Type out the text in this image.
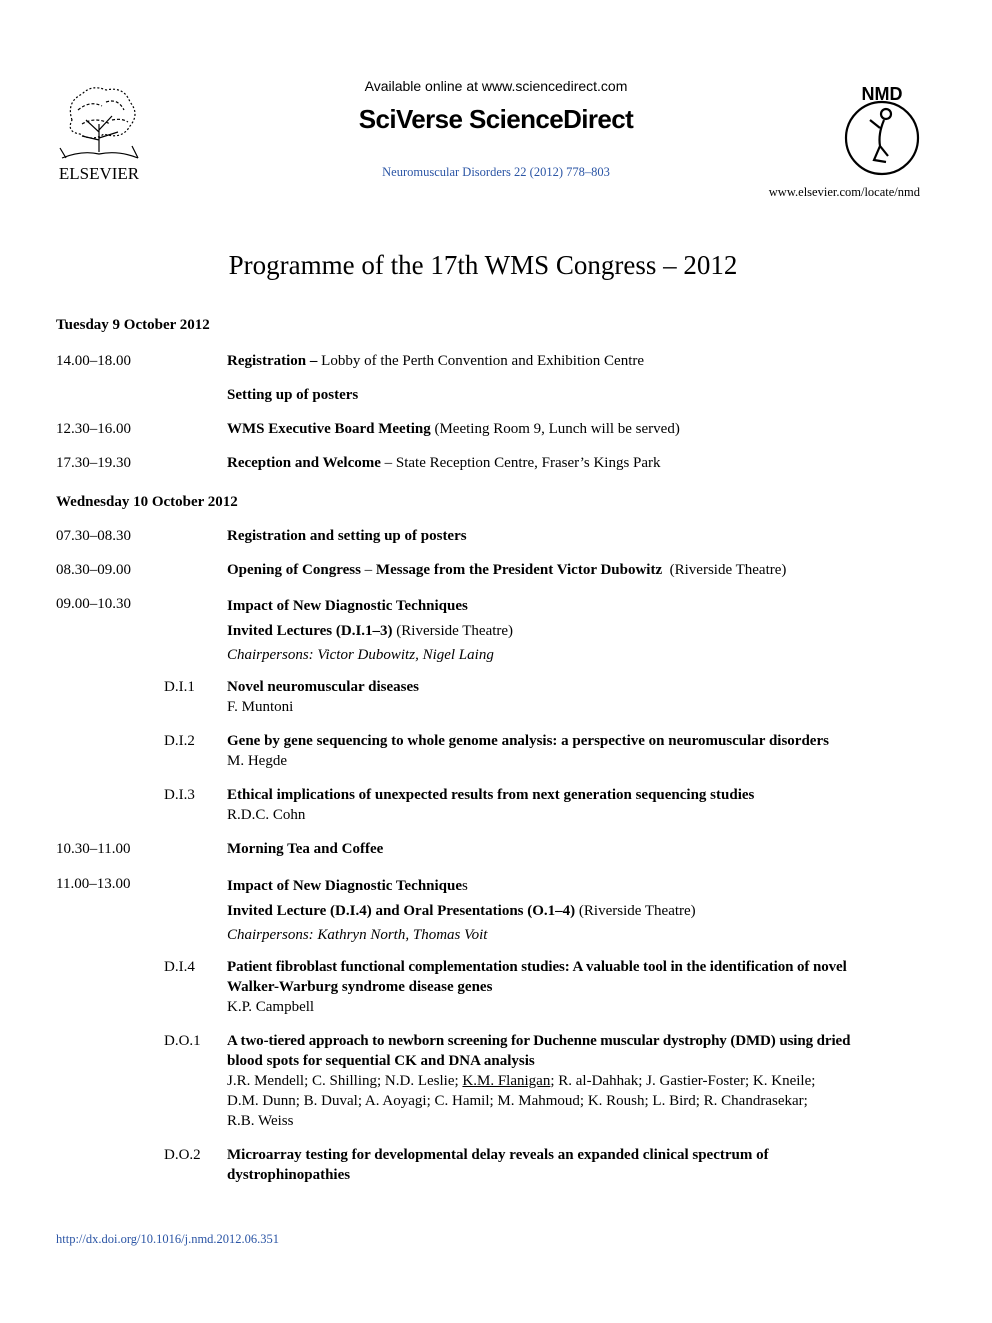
ELSEVIER
Available online at www.sciencedirect.com
SciVerse ScienceDirect
Neuromuscular Disorders 22 (2012) 778–803
NMD
www.elsevier.com/locate/nmd
Programme of the 17th WMS Congress – 2012
Tuesday 9 October 2012
14.00–18.00	Registration – Lobby of the Perth Convention and Exhibition Centre
Setting up of posters
12.30–16.00	WMS Executive Board Meeting (Meeting Room 9, Lunch will be served)
17.30–19.30	Reception and Welcome – State Reception Centre, Fraser’s Kings Park
Wednesday 10 October 2012
07.30–08.30	Registration and setting up of posters
08.30–09.00	Opening of Congress – Message from the President Victor Dubowitz  (Riverside Theatre)
09.00–10.30	Impact of New Diagnostic Techniques
Invited Lectures (D.I.1–3) (Riverside Theatre)
Chairpersons: Victor Dubowitz, Nigel Laing
D.I.1 Novel neuromuscular diseases
F. Muntoni
D.I.2 Gene by gene sequencing to whole genome analysis: a perspective on neuromuscular disorders
M. Hegde
D.I.3 Ethical implications of unexpected results from next generation sequencing studies
R.D.C. Cohn
10.30–11.00	Morning Tea and Coffee
11.00–13.00	Impact of New Diagnostic Techniques
Invited Lecture (D.I.4) and Oral Presentations (O.1–4) (Riverside Theatre)
Chairpersons: Kathryn North, Thomas Voit
D.I.4 Patient fibroblast functional complementation studies: A valuable tool in the identification of novel
Walker-Warburg syndrome disease genes
K.P. Campbell
D.O.1 A two-tiered approach to newborn screening for Duchenne muscular dystrophy (DMD) using dried
blood spots for sequential CK and DNA analysis
J.R. Mendell; C. Shilling; N.D. Leslie; K.M. Flanigan; R. al-Dahhak; J. Gastier-Foster; K. Kneile;
D.M. Dunn; B. Duval; A. Aoyagi; C. Hamil; M. Mahmoud; K. Roush; L. Bird; R. Chandrasekar;
R.B. Weiss
D.O.2 Microarray testing for developmental delay reveals an expanded clinical spectrum of
dystrophinopathies
http://dx.doi.org/10.1016/j.nmd.2012.06.351
